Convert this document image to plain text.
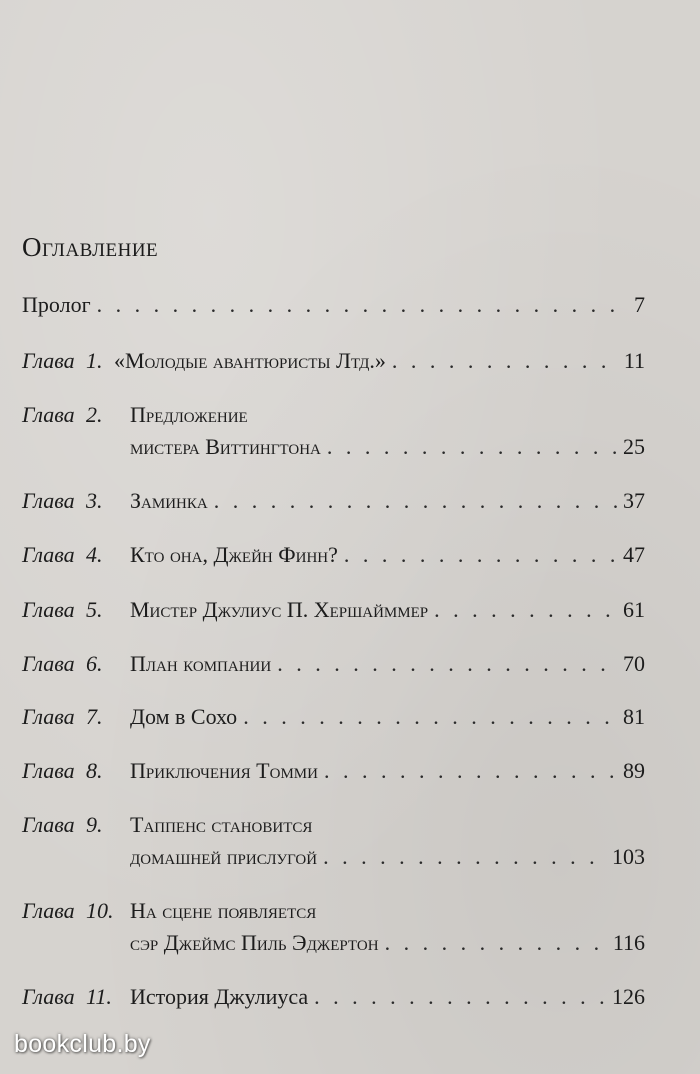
Оглавление
Пролог . . .	7
Глава 1. «Молодые авантюристы Лтд.» . . .	11
Глава 2.	Предложение
мистера Виттингтона . . .	25
Глава 3.	Заминка . . .	37
Глава 4.	Кто она, Джейн Финн? . . .	47
Глава 5.	Мистер Джулиус П. Хершайммер . . .	61
Глава 6.	План компании . . .	70
Глава 7.	Дом в Сохо . . .	81
Глава 8.	Приключения Томми . . .	89
Глава 9.	Таппенс становится
домашней прислугой . . .	103
Глава 10. На сцене появляется
сэр Джеймс Пиль Эджертон . . .	116
Глава 11. История Джулиуса . . .	126
bookclub.by
